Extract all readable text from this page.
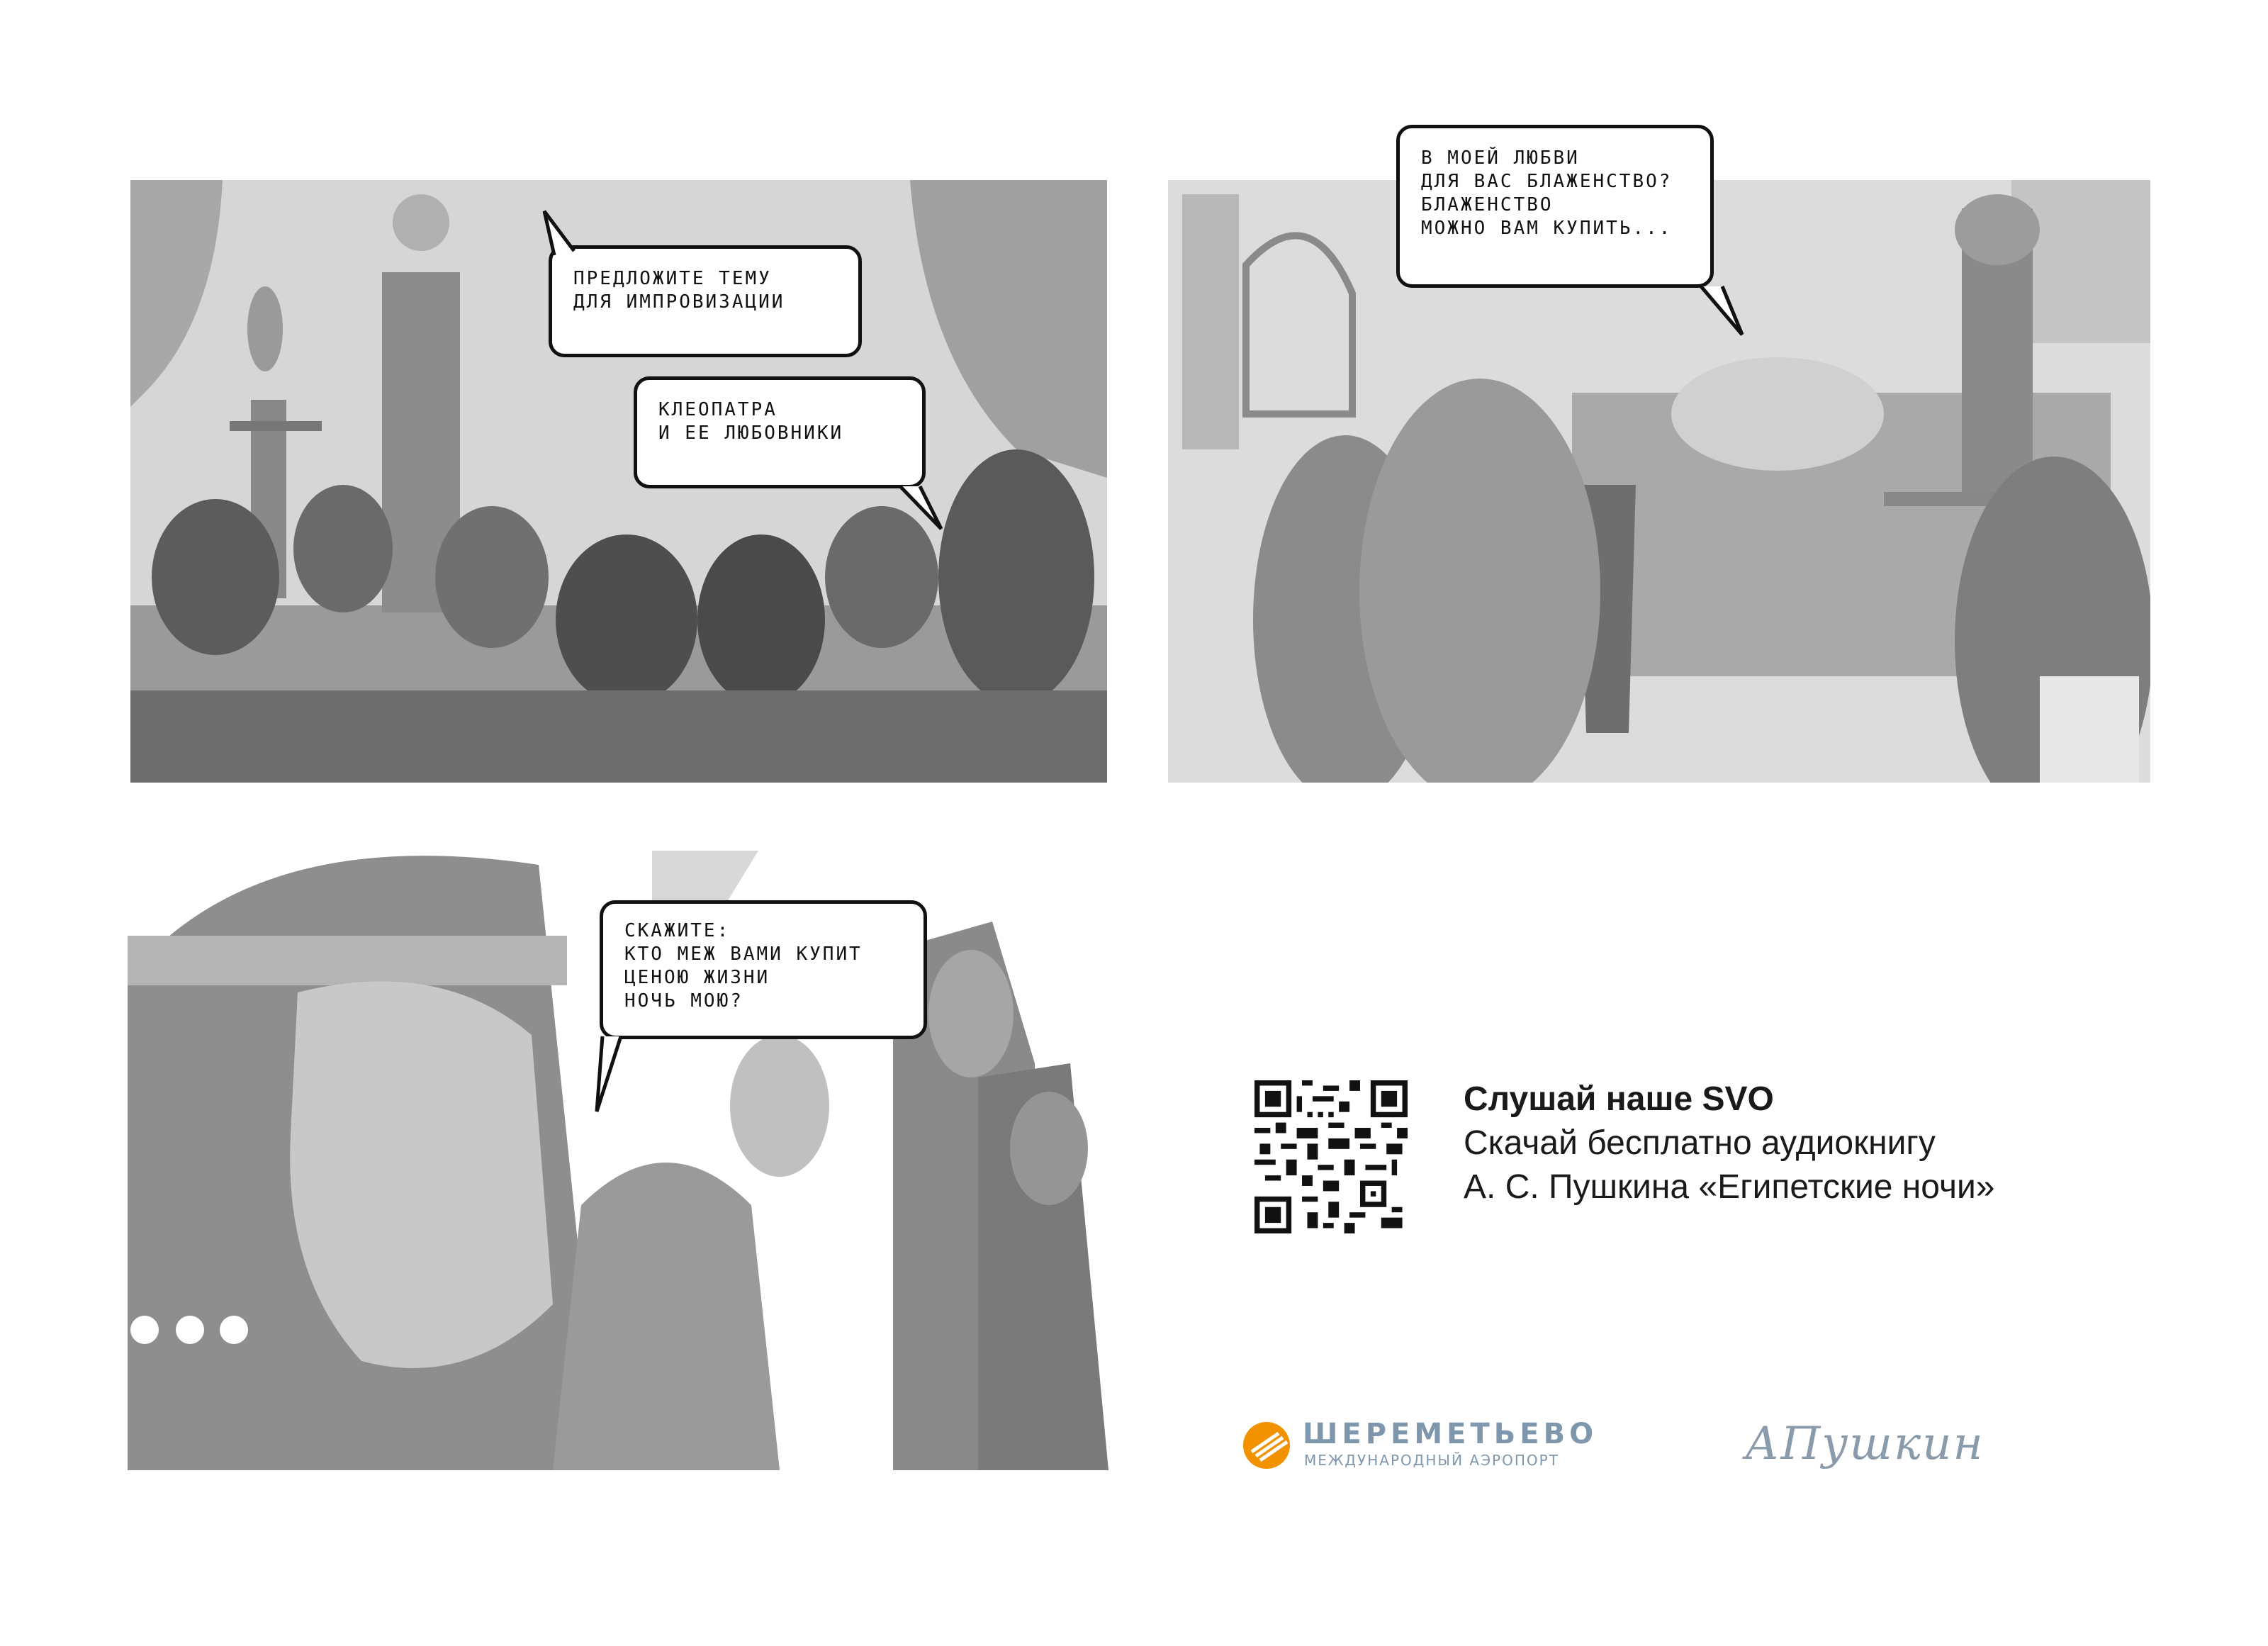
ПРЕДЛОЖИТЕ ТЕМУ
ДЛЯ ИМПРОВИЗАЦИИ
КЛЕОПАТРА
И ЕЕ ЛЮБОВНИКИ
В МОЕЙ ЛЮБВИ
ДЛЯ ВАС БЛАЖЕНСТВО?
БЛАЖЕНСТВО
МОЖНО ВАМ КУПИТЬ...
СКАЖИТЕ:
КТО МЕЖ ВАМИ КУПИТ
ЦЕНОЮ ЖИЗНИ
НОЧЬ МОЮ?
Слушай наше SVO
Скачай бесплатно аудиокнигу
А. С. Пушкина «Египетские ночи»
ШЕРЕМЕТЬЕВО
МЕЖДУНАРОДНЫЙ АЭРОПОРТ	АПушкин
